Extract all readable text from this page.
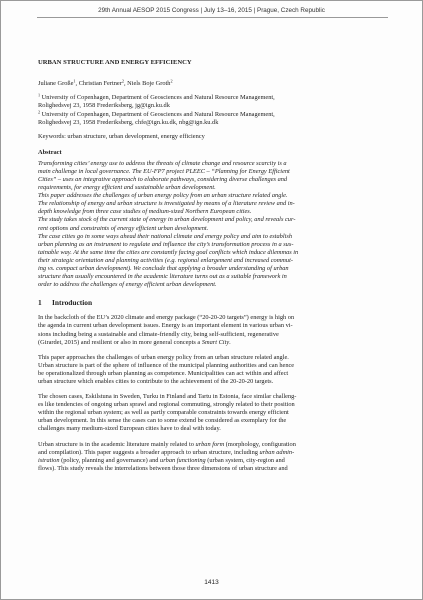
29th Annual AESOP 2015 Congress | July 13–16, 2015 | Prague, Czech Republic
URBAN STRUCTURE AND ENERGY EFFICIENCY
Juliane Große$^1$, Christian Fertner$^2$, Niels Boje Groth$^2$
$^1$ University of Copenhagen, Department of Geosciences and Natural Resource Management,
Rolighedsvej 23, 1958 Frederiksberg, jg@ign.ku.dk
$^2$ University of Copenhagen, Department of Geosciences and Natural Resource Management,
Rolighedsvej 23, 1958 Frederiksberg, chfe@ign.ku.dk, nbg@ign.ku.dk
Keywords: urban structure, urban development, energy efficiency
Abstract
Transforming cities’ energy use to address the threats of climate change and resource scarcity is a
main challenge in local governance. The EU-FP7 project PLEEC – “Planning for Energy Efficient
Cities” – uses an integrative approach to elaborate pathways, considering diverse challenges and
requirements, for energy efficient and sustainable urban development.
This paper addresses the challenges of urban energy policy from an urban structure related angle.
The relationship of energy and urban structure is investigated by means of a literature review and in-
depth knowledge from three case studies of medium-sized Northern European cities.
The study takes stock of the current state of energy in urban development and policy, and reveals cur-
rent options and constraints of energy efficient urban development.
The case cities go in some ways ahead their national climate and energy policy and aim to establish
urban planning as an instrument to regulate and influence the city’s transformation process in a sus-
tainable way. At the same time the cities are constantly facing goal conflicts which induce dilemmas in
their strategic orientation and planning activities (e.g. regional enlargement and increased commut-
ing vs. compact urban development). We conclude that applying a broader understanding of urban
structure than usually encountered in the academic literature turns out as a suitable framework in
order to address the challenges of energy efficient urban development.
1 Introduction

In the backcloth of the EU’s 2020 climate and energy package (“20-20-20 targets”) energy is high on
the agenda in current urban development issues. Energy is an important element in various urban vi-
sions including being a sustainable and climate-friendly city, being self-sufficient, regenerative
(Girardet, 2015) and resilient or also in more general concepts a Smart City.

This paper approaches the challenges of urban energy policy from an urban structure related angle.
Urban structure is part of the sphere of influence of the municipal planning authorities and can hence
be operationalized through urban planning as competence. Municipalities can act within and affect
urban structure which enables cities to contribute to the achievement of the 20-20-20 targets.

The chosen cases, Eskilstuna in Sweden, Turku in Finland and Tartu in Estonia, face similar challeng-
es like tendencies of ongoing urban sprawl and regional commuting, strongly related to their position
within the regional urban system; as well as partly comparable constraints towards energy efficient
urban development. In this sense the cases can to some extend be considered as exemplary for the
challenges many medium-sized European cities have to deal with today.

Urban structure is in the academic literature mainly related to urban form (morphology, configuration
and compilation). This paper suggests a broader approach to urban structure, including urban admin-
istration (policy, planning and governance) and urban functioning (urban system, city-region and
flows). This study reveals the interrelations between those three dimensions of urban structure and

1413
